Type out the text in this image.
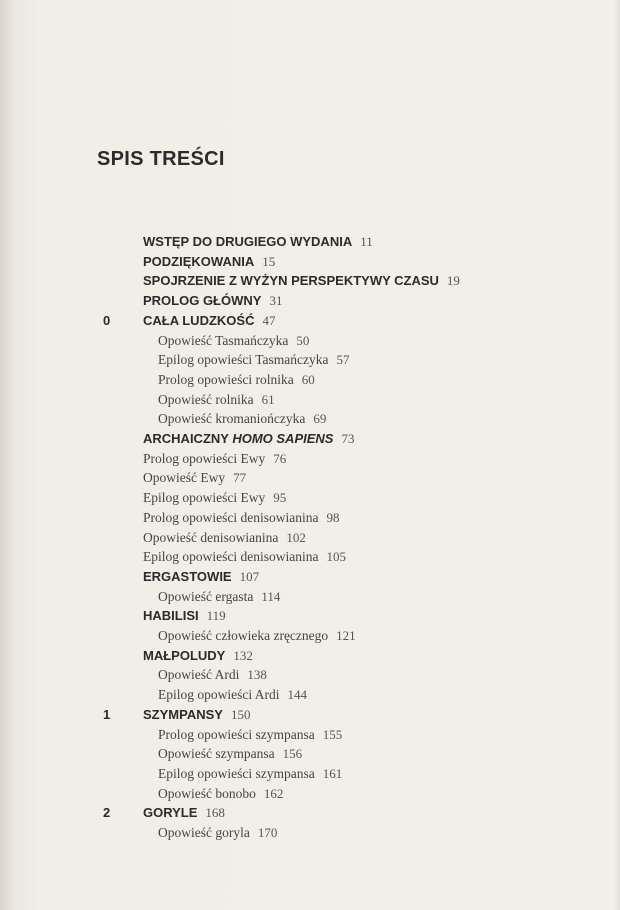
SPIS TREŚCI
WSTĘP DO DRUGIEGO WYDANIA 11
PODZIĘKOWANIA 15
SPOJRZENIE Z WYŻYN PERSPEKTYWY CZASU 19
PROLOG GŁÓWNY 31
0	CAŁA LUDZKOŚĆ 47
Opowieść Tasmańczyka 50
Epilog opowieści Tasmańczyka 57
Prolog opowieści rolnika 60
Opowieść rolnika 61
Opowieść kromaniończyka 69
ARCHAICZNY HOMO SAPIENS 73
Prolog opowieści Ewy 76
Opowieść Ewy 77
Epilog opowieści Ewy 95
Prolog opowieści denisowianina 98
Opowieść denisowianina 102
Epilog opowieści denisowianina 105
ERGASTOWIE 107
Opowieść ergasta 114
HABILISI 119
Opowieść człowieka zręcznego 121
MAŁPOLUDY 132
Opowieść Ardi 138
Epilog opowieści Ardi 144
1	SZYMPANSY 150
Prolog opowieści szympansa 155
Opowieść szympansa 156
Epilog opowieści szympansa 161
Opowieść bonobo 162
2	GORYLE 168
Opowieść goryla 170
